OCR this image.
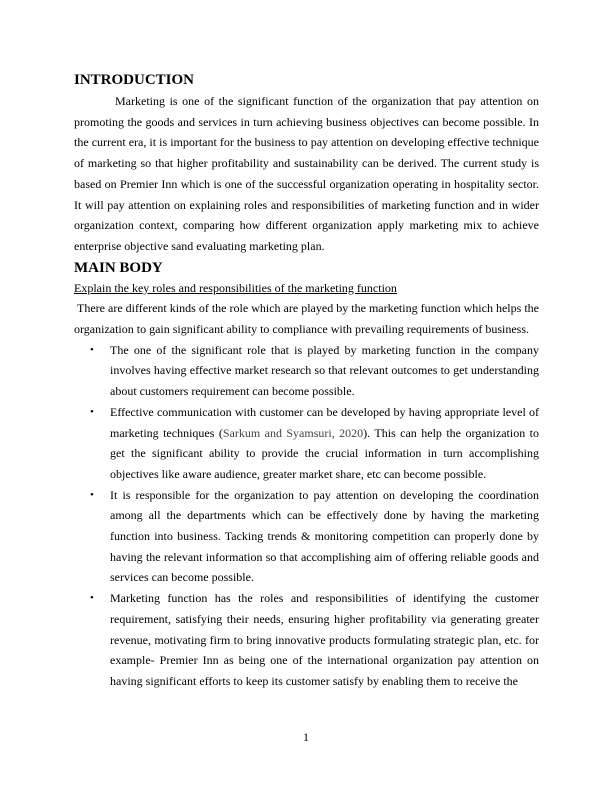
INTRODUCTION

Marketing is one of the significant function of the organization that pay attention on promoting the goods and services in turn achieving business objectives can become possible. In the current era, it is important for the business to pay attention on developing effective technique of marketing so that higher profitability and sustainability can be derived. The current study is based on Premier Inn which is one of the successful organization operating in hospitality sector. It will pay attention on explaining roles and responsibilities of marketing function and in wider organization context, comparing how different organization apply marketing mix to achieve enterprise objective sand evaluating marketing plan.

MAIN BODY

Explain the key roles and responsibilities of the marketing function

There are different kinds of the role which are played by the marketing function which helps the organization to gain significant ability to compliance with prevailing requirements of business.

• The one of the significant role that is played by marketing function in the company involves having effective market research so that relevant outcomes to get understanding about customers requirement can become possible.
• Effective communication with customer can be developed by having appropriate level of marketing techniques (Sarkum and Syamsuri, 2020). This can help the organization to get the significant ability to provide the crucial information in turn accomplishing objectives like aware audience, greater market share, etc can become possible.
• It is responsible for the organization to pay attention on developing the coordination among all the departments which can be effectively done by having the marketing function into business. Tacking trends & monitoring competition can properly done by having the relevant information so that accomplishing aim of offering reliable goods and services can become possible.
• Marketing function has the roles and responsibilities of identifying the customer requirement, satisfying their needs, ensuring higher profitability via generating greater revenue, motivating firm to bring innovative products formulating strategic plan, etc. for example- Premier Inn as being one of the international organization pay attention on having significant efforts to keep its customer satisfy by enabling them to receive the
1
